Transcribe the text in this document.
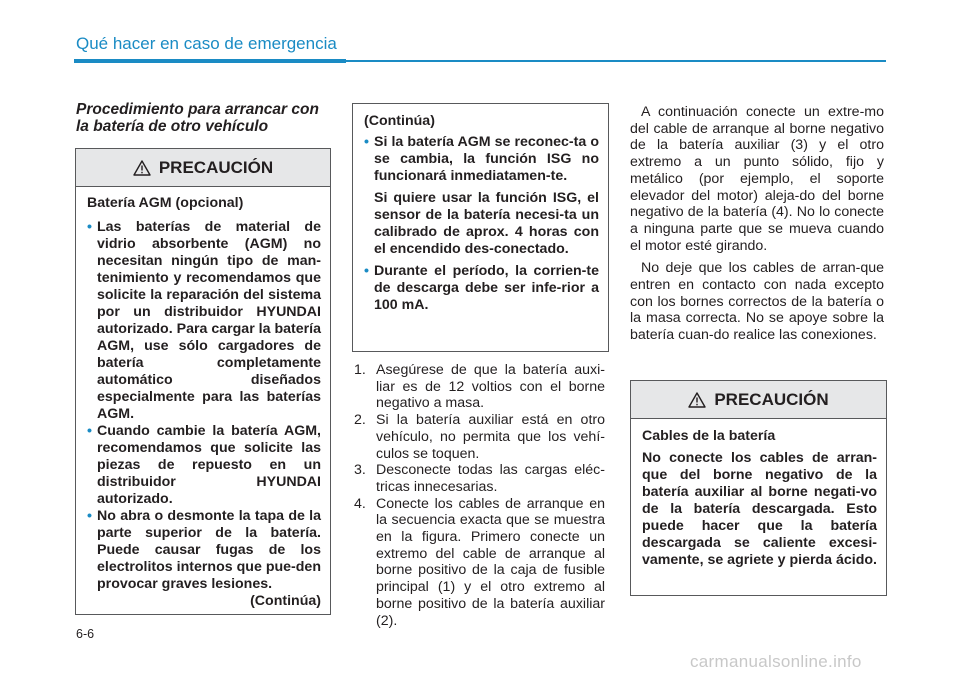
Qué hacer en caso de emergencia
Procedimiento para arrancar con la batería de otro vehículo
PRECAUCIÓN

Batería AGM (opcional)

• Las baterías de material de vidrio absorbente (AGM) no necesitan ningún tipo de man-tenimiento y recomendamos que solicite la reparación del sistema por un distribuidor HYUNDAI autorizado. Para cargar la batería AGM, use sólo cargadores de batería completamente automático diseñados especialmente para las baterías AGM.
• Cuando cambie la batería AGM, recomendamos que solicite las piezas de repuesto en un distribuidor HYUNDAI autorizado.
• No abra o desmonte la tapa de la parte superior de la batería. Puede causar fugas de los electrolitos internos que pue-den provocar graves lesiones.

(Continúa)

(Continúa)

• Si la batería AGM se reconec-ta o se cambia, la función ISG no funcionará inmediatamen-te.

Si quiere usar la función ISG, el sensor de la batería necesi-ta un calibrado de aprox. 4 horas con el encendido des-conectado.

• Durante el período, la corrien-te de descarga debe ser infe-rior a 100 mA.
1. Asegúrese de que la batería auxi-liar es de 12 voltios con el borne negativo a masa.
2. Si la batería auxiliar está en otro vehículo, no permita que los vehí-culos se toquen.
3. Desconecte todas las cargas eléc-tricas innecesarias.
4. Conecte los cables de arranque en la secuencia exacta que se muestra en la figura. Primero conecte un extremo del cable de arranque al borne positivo de la caja de fusible principal (1) y el otro extremo al borne positivo de la batería auxiliar (2).

A continuación conecte un extre-mo del cable de arranque al borne negativo de la batería auxiliar (3) y el otro extremo a un punto sólido, fijo y metálico (por ejemplo, el soporte elevador del motor) aleja-do del borne negativo de la batería (4). No lo conecte a ninguna parte que se mueva cuando el motor esté girando.

No deje que los cables de arran-que entren en contacto con nada excepto con los bornes correctos de la batería o la masa correcta. No se apoye sobre la batería cuan-do realice las conexiones.

PRECAUCIÓN

Cables de la batería

No conecte los cables de arran-que del borne negativo de la batería auxiliar al borne negati-vo de la batería descargada. Esto puede hacer que la batería descargada se caliente excesi-vamente, se agriete y pierda ácido.

6-6
carmanualsonline.info
